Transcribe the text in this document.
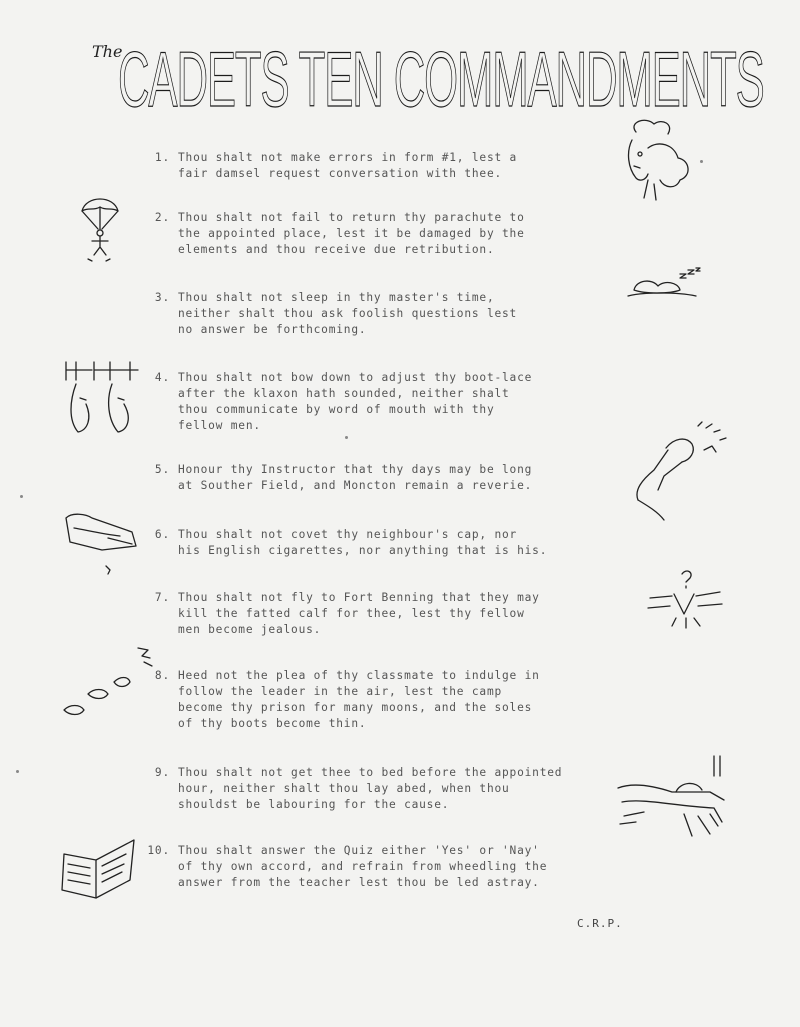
The
CADETS TEN COMMANDMENTS
1. Thou shalt not make errors in form #1, lest a
fair damsel request conversation with thee.
2. Thou shalt not fail to return thy parachute to
the appointed place, lest it be damaged by the
elements and thou receive due retribution.
3. Thou shalt not sleep in thy master's time,
neither shalt thou ask foolish questions lest
no answer be forthcoming.
4. Thou shalt not bow down to adjust thy boot-lace
after the klaxon hath sounded, neither shalt
thou communicate by word of mouth with thy
fellow men.
5. Honour thy Instructor that thy days may be long
at Souther Field, and Moncton remain a reverie.
6. Thou shalt not covet thy neighbour's cap, nor
his English cigarettes, nor anything that is his.
7. Thou shalt not fly to Fort Benning that they may
kill the fatted calf for thee, lest thy fellow
men become jealous.
8. Heed not the plea of thy classmate to indulge in
follow the leader in the air, lest the camp
become thy prison for many moons, and the soles
of thy boots become thin.
9. Thou shalt not get thee to bed before the appointed
hour, neither shalt thou lay abed, when thou
shouldst be labouring for the cause.
10. Thou shalt answer the Quiz either 'Yes' or 'Nay'
of thy own accord, and refrain from wheedling the
answer from the teacher lest thou be led astray.
C.R.P.
